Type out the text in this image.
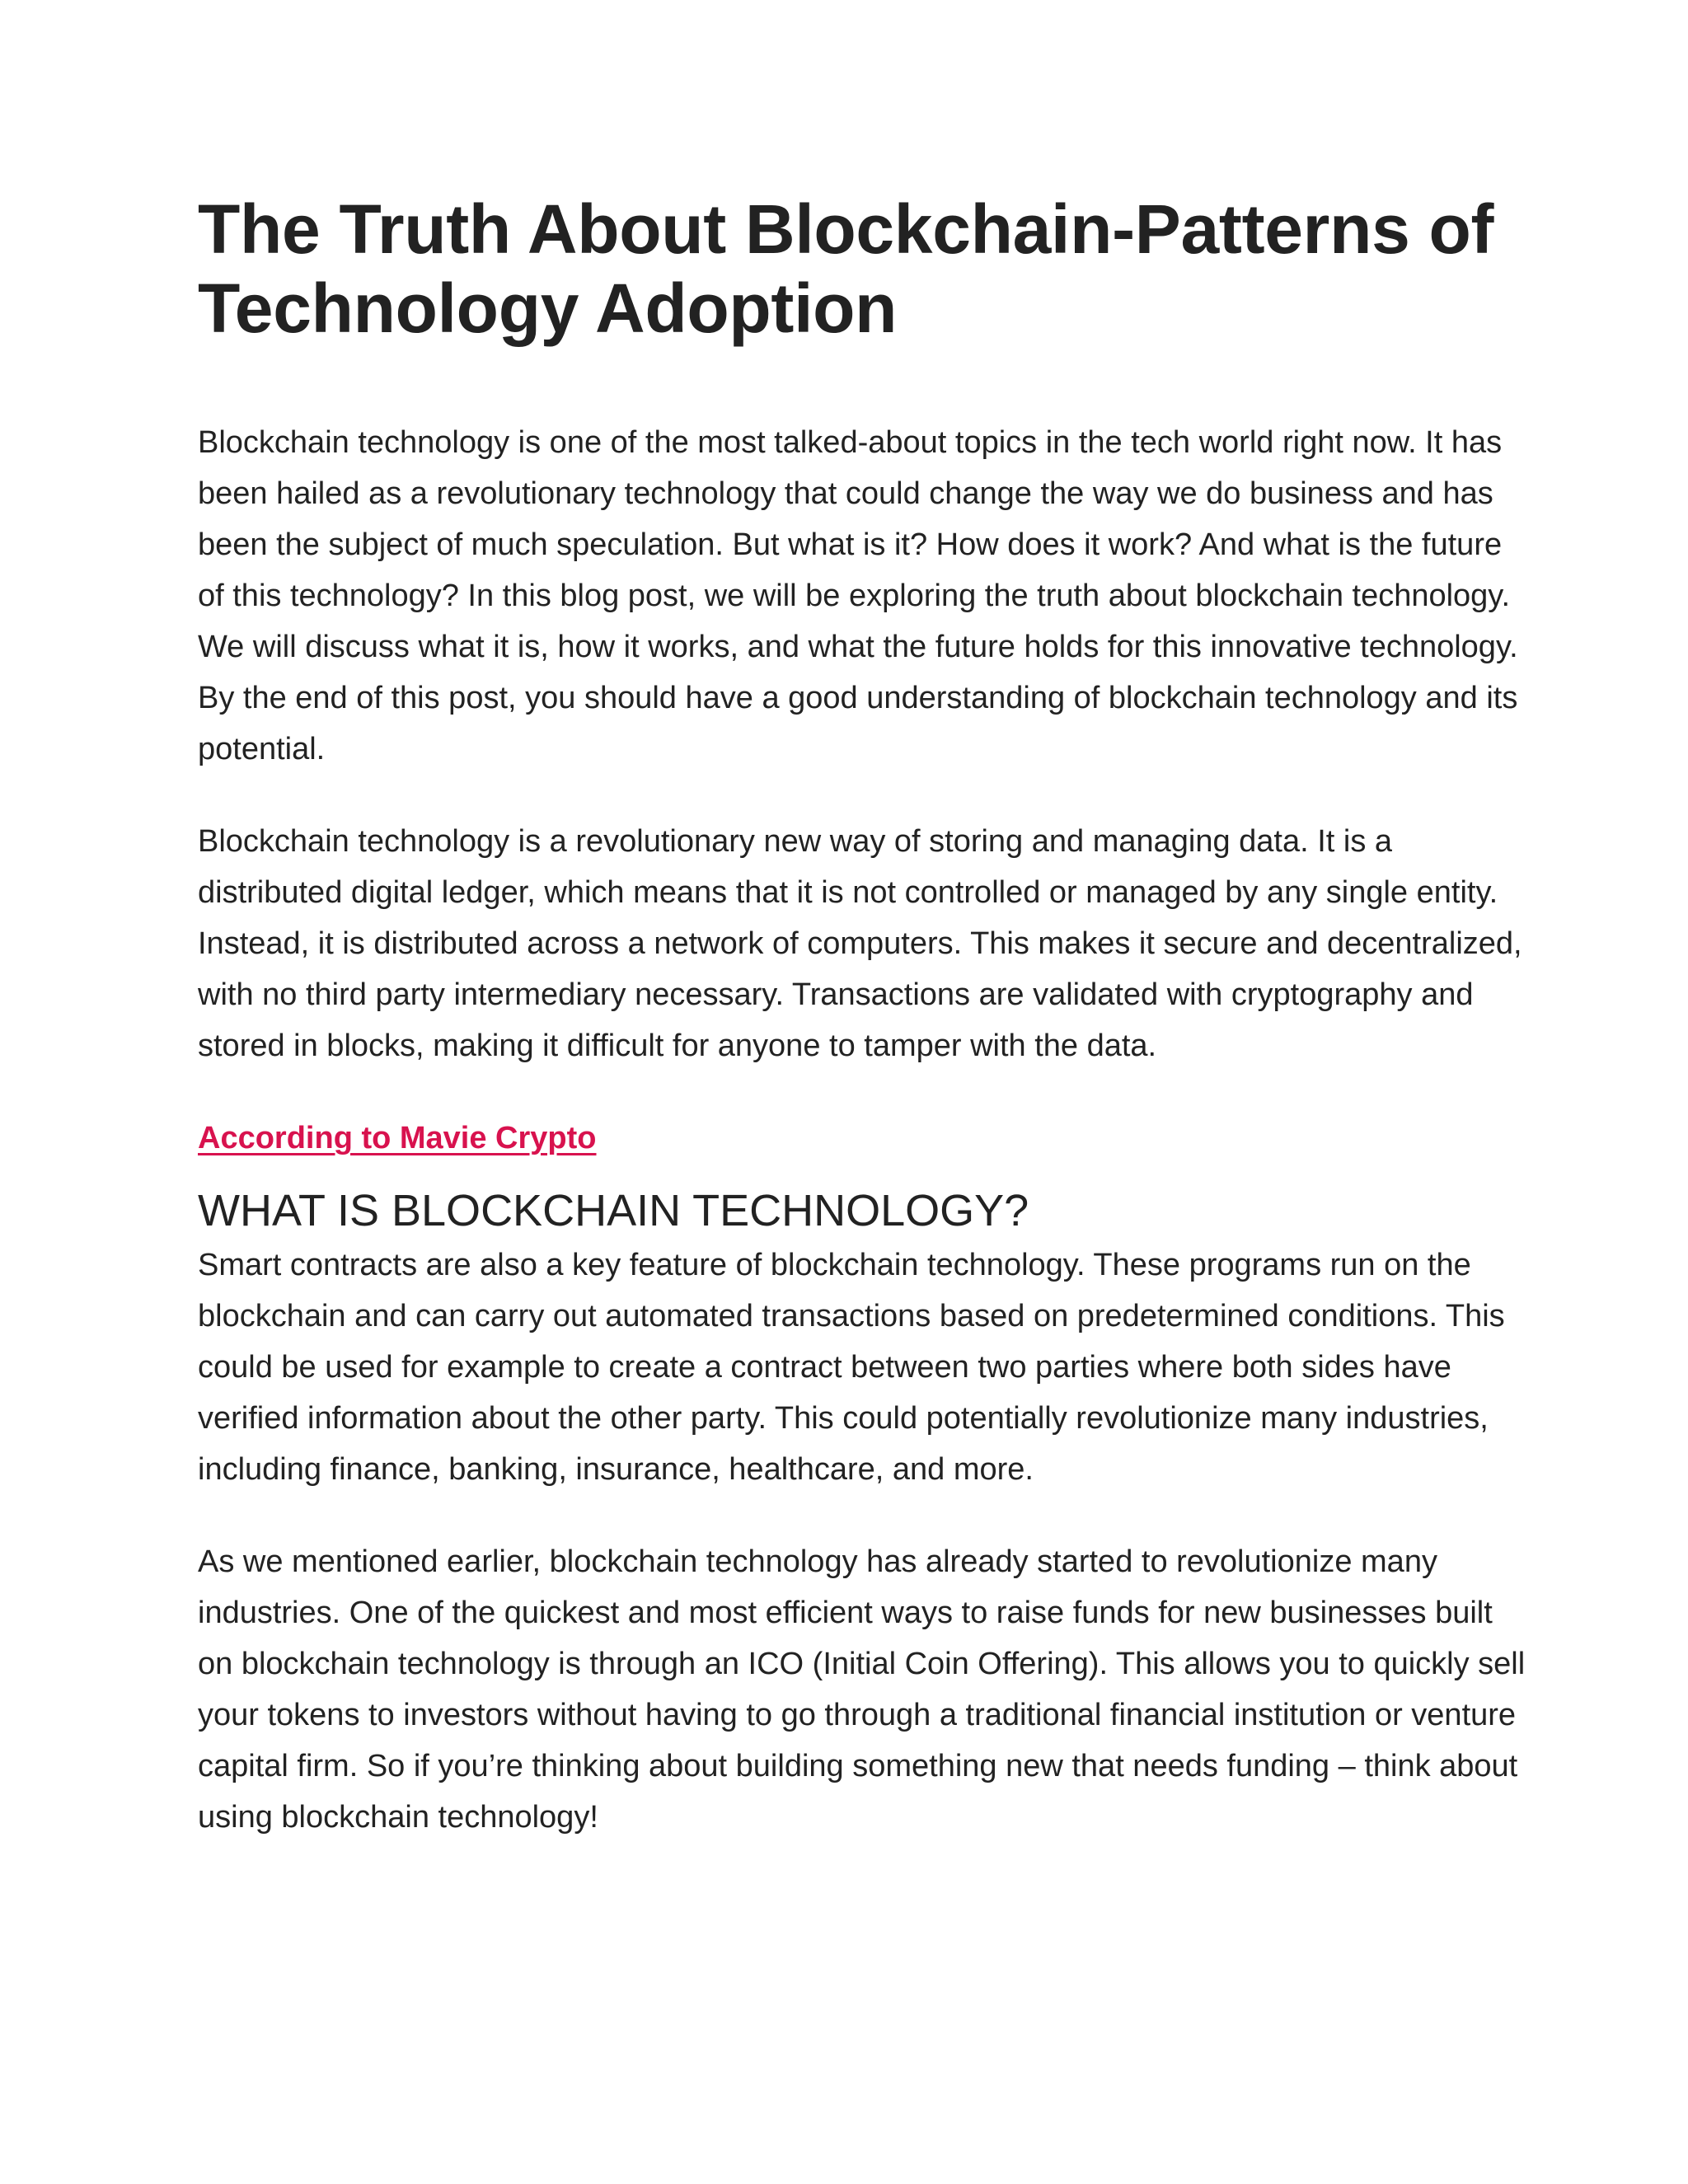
The Truth About Blockchain-Patterns of Technology Adoption

Blockchain technology is one of the most talked-about topics in the tech world right now. It has been hailed as a revolutionary technology that could change the way we do business and has been the subject of much speculation. But what is it? How does it work? And what is the future of this technology? In this blog post, we will be exploring the truth about blockchain technology. We will discuss what it is, how it works, and what the future holds for this innovative technology. By the end of this post, you should have a good understanding of blockchain technology and its potential.

Blockchain technology is a revolutionary new way of storing and managing data. It is a distributed digital ledger, which means that it is not controlled or managed by any single entity. Instead, it is distributed across a network of computers. This makes it secure and decentralized, with no third party intermediary necessary. Transactions are validated with cryptography and stored in blocks, making it difficult for anyone to tamper with the data.

According to Mavie Crypto
WHAT IS BLOCKCHAIN TECHNOLOGY?

Smart contracts are also a key feature of blockchain technology. These programs run on the blockchain and can carry out automated transactions based on predetermined conditions. This could be used for example to create a contract between two parties where both sides have verified information about the other party. This could potentially revolutionize many industries, including finance, banking, insurance, healthcare, and more.

As we mentioned earlier, blockchain technology has already started to revolutionize many industries. One of the quickest and most efficient ways to raise funds for new businesses built on blockchain technology is through an ICO (Initial Coin Offering). This allows you to quickly sell your tokens to investors without having to go through a traditional financial institution or venture capital firm. So if you’re thinking about building something new that needs funding – think about using blockchain technology!
